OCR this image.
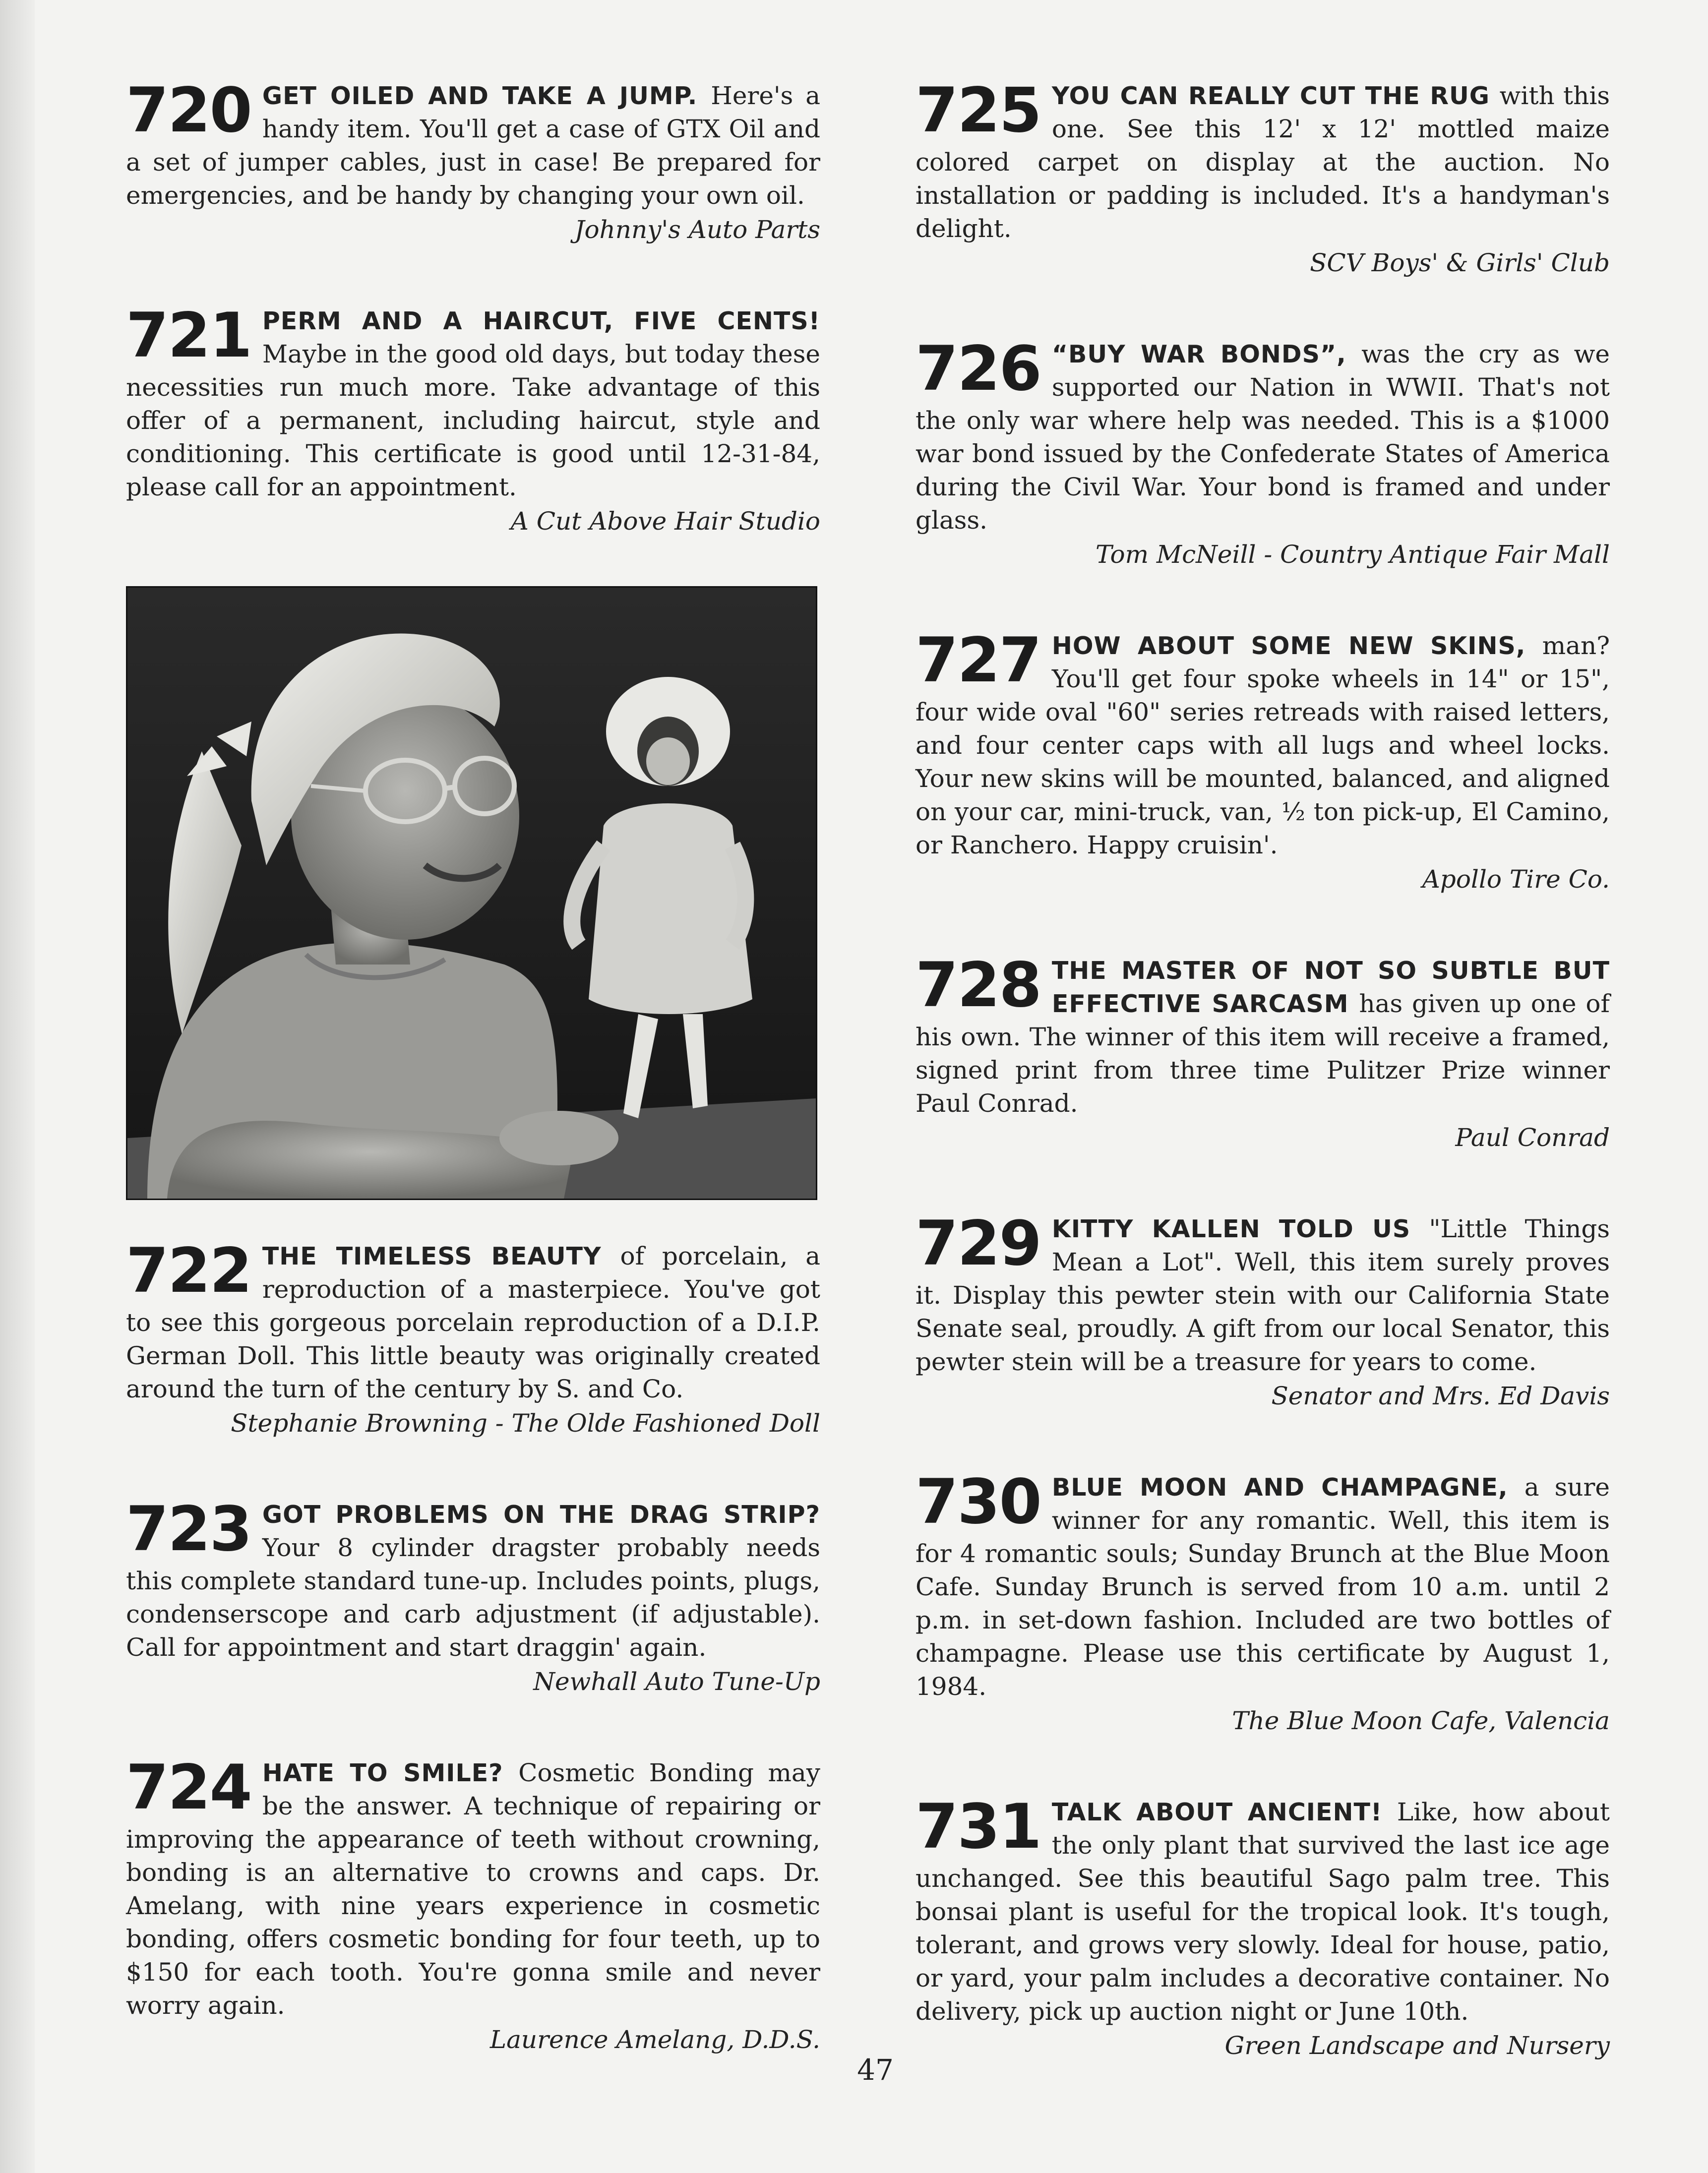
720 GET OILED AND TAKE A JUMP. Here's a handy item. You'll get a case of GTX Oil and a set of jumper cables, just in case! Be prepared for emergencies, and be handy by changing your own oil.

Johnny's Auto Parts

721 PERM AND A HAIRCUT, FIVE CENTS! Maybe in the good old days, but today these necessities run much more. Take advantage of this offer of a permanent, including haircut, style and conditioning. This certificate is good until 12-31-84, please call for an appointment.

A Cut Above Hair Studio

722 THE TIMELESS BEAUTY of porcelain, a reproduction of a masterpiece. You've got to see this gorgeous porcelain reproduction of a D.I.P. German Doll. This little beauty was originally created around the turn of the century by S. and Co.

Stephanie Browning - The Olde Fashioned Doll

723 GOT PROBLEMS ON THE DRAG STRIP? Your 8 cylinder dragster probably needs this complete standard tune-up. Includes points, plugs, condenserscope and carb adjustment (if adjustable). Call for appointment and start draggin' again.

Newhall Auto Tune-Up

724 HATE TO SMILE? Cosmetic Bonding may be the answer. A technique of repairing or improving the appearance of teeth without crowning, bonding is an alternative to crowns and caps. Dr. Amelang, with nine years experience in cosmetic bonding, offers cosmetic bonding for four teeth, up to $150 for each tooth. You're gonna smile and never worry again.

Laurence Amelang, D.D.S.

725 YOU CAN REALLY CUT THE RUG with this one. See this 12' x 12' mottled maize colored carpet on display at the auction. No installation or padding is included. It's a handyman's delight.

SCV Boys' & Girls' Club

726 “BUY WAR BONDS”, was the cry as we supported our Nation in WWII. That's not the only war where help was needed. This is a $1000 war bond issued by the Confederate States of America during the Civil War. Your bond is framed and under glass.

Tom McNeill - Country Antique Fair Mall

727 HOW ABOUT SOME NEW SKINS, man? You'll get four spoke wheels in 14" or 15", four wide oval "60" series retreads with raised letters, and four center caps with all lugs and wheel locks. Your new skins will be mounted, balanced, and aligned on your car, mini-truck, van, ½ ton pick-up, El Camino, or Ranchero. Happy cruisin'.

Apollo Tire Co.

728 THE MASTER OF NOT SO SUBTLE BUT EFFECTIVE SARCASM has given up one of his own. The winner of this item will receive a framed, signed print from three time Pulitzer Prize winner Paul Conrad.

Paul Conrad

729 KITTY KALLEN TOLD US "Little Things Mean a Lot". Well, this item surely proves it. Display this pewter stein with our California State Senate seal, proudly. A gift from our local Senator, this pewter stein will be a treasure for years to come.

Senator and Mrs. Ed Davis

730 BLUE MOON AND CHAMPAGNE, a sure winner for any romantic. Well, this item is for 4 romantic souls; Sunday Brunch at the Blue Moon Cafe. Sunday Brunch is served from 10 a.m. until 2 p.m. in set-down fashion. Included are two bottles of champagne. Please use this certificate by August 1, 1984.

The Blue Moon Cafe, Valencia

731 TALK ABOUT ANCIENT! Like, how about the only plant that survived the last ice age unchanged. See this beautiful Sago palm tree. This bonsai plant is useful for the tropical look. It's tough, tolerant, and grows very slowly. Ideal for house, patio, or yard, your palm includes a decorative container. No delivery, pick up auction night or June 10th.

Green Landscape and Nursery
47
